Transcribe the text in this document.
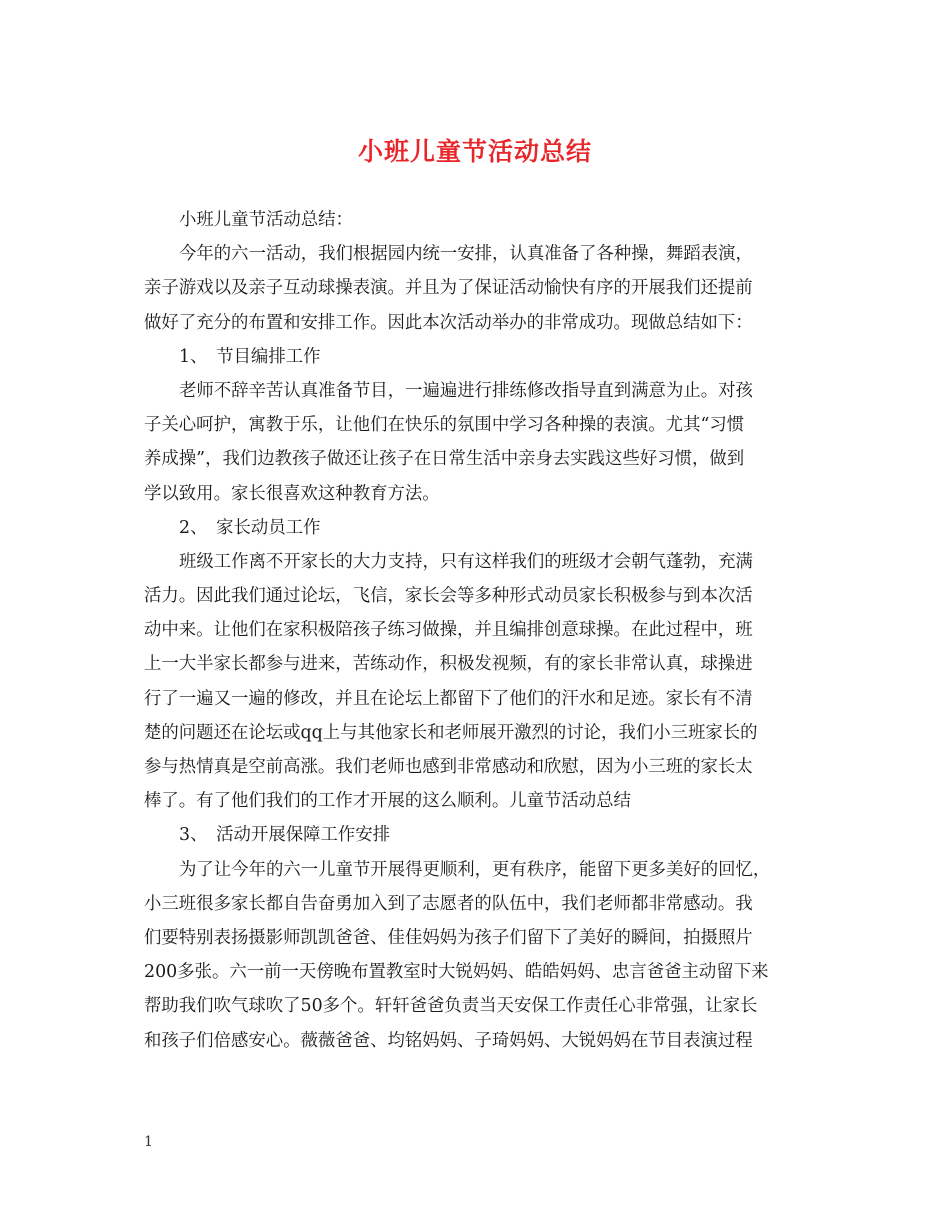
小班儿童节活动总结
小班儿童节活动总结：
今年的六一活动，我们根据园内统一安排，认真准备了各种操，舞蹈表演，
亲子游戏以及亲子互动球操表演。并且为了保证活动愉快有序的开展我们还提前
做好了充分的布置和安排工作。因此本次活动举办的非常成功。现做总结如下：
1、　节目编排工作
老师不辞辛苦认真准备节目，一遍遍进行排练修改指导直到满意为止。对孩
子关心呵护，寓教于乐，让他们在快乐的氛围中学习各种操的表演。尤其“习惯
养成操”，我们边教孩子做还让孩子在日常生活中亲身去实践这些好习惯，做到
学以致用。家长很喜欢这种教育方法。
2、　家长动员工作
班级工作离不开家长的大力支持，只有这样我们的班级才会朝气蓬勃，充满
活力。因此我们通过论坛，飞信，家长会等多种形式动员家长积极参与到本次活
动中来。让他们在家积极陪孩子练习做操，并且编排创意球操。在此过程中，班
上一大半家长都参与进来，苦练动作，积极发视频，有的家长非常认真，球操进
行了一遍又一遍的修改，并且在论坛上都留下了他们的汗水和足迹。家长有不清
楚的问题还在论坛或qq上与其他家长和老师展开激烈的讨论，我们小三班家长的
参与热情真是空前高涨。我们老师也感到非常感动和欣慰，因为小三班的家长太
棒了。有了他们我们的工作才开展的这么顺利。儿童节活动总结
3、　活动开展保障工作安排
为了让今年的六一儿童节开展得更顺利，更有秩序，能留下更多美好的回忆，
小三班很多家长都自告奋勇加入到了志愿者的队伍中，我们老师都非常感动。我
们要特别表扬摄影师凯凯爸爸、佳佳妈妈为孩子们留下了美好的瞬间，拍摄照片
200多张。六一前一天傍晚布置教室时大锐妈妈、皓皓妈妈、忠言爸爸主动留下来
帮助我们吹气球吹了50多个。轩轩爸爸负责当天安保工作责任心非常强，让家长
和孩子们倍感安心。薇薇爸爸、均铭妈妈、子琦妈妈、大锐妈妈在节目表演过程
1
